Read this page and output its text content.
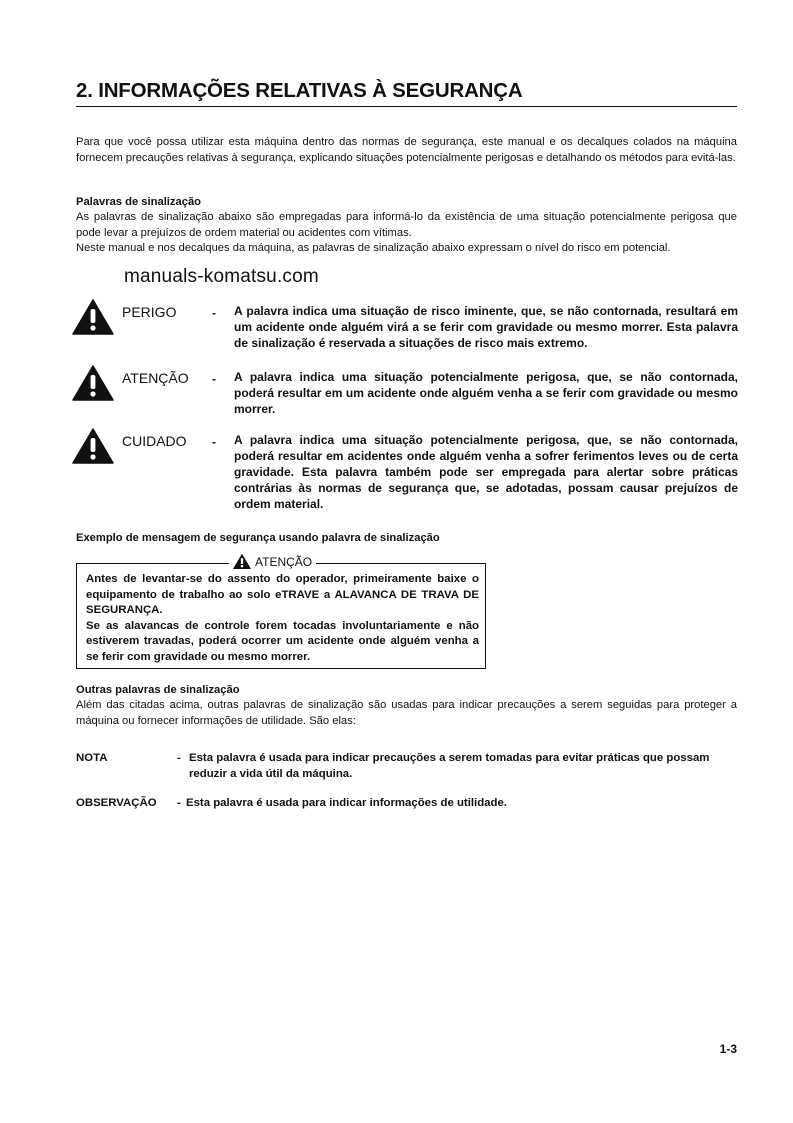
2. INFORMAÇÕES RELATIVAS À SEGURANÇA
Para que você possa utilizar esta máquina dentro das normas de segurança, este manual e os decalques colados na máquina fornecem precauções relativas à segurança, explicando situações potencialmente perigosas e detalhando os métodos para evitá-las.
Palavras de sinalização
As palavras de sinalização abaixo são empregadas para informá-lo da existência de uma situação potencialmente perigosa que pode levar a prejuízos de ordem material ou acidentes com vítimas.
Neste manual e nos decalques da máquina, as palavras de sinalização abaixo expressam o nível do risco em potencial.
manuals-komatsu.com
PERIGO	- A palavra indica uma situação de risco iminente, que, se não contornada, resultará em um acidente onde alguém virá a se ferir com gravidade ou mesmo morrer. Esta palavra de sinalização é reservada a situações de risco mais extremo.
ATENÇÃO - A palavra indica uma situação potencialmente perigosa, que, se não contornada, poderá resultar em um acidente onde alguém venha a se ferir com gravidade ou mesmo morrer.
CUIDADO - A palavra indica uma situação potencialmente perigosa, que, se não contornada, poderá resultar em acidentes onde alguém venha a sofrer ferimentos leves ou de certa gravidade. Esta palavra também pode ser empregada para alertar sobre práticas contrárias às normas de segurança que, se adotadas, possam causar prejuízos de ordem material.
Exemplo de mensagem de segurança usando palavra de sinalização
ATENÇÃO
Antes de levantar-se do assento do operador, primeiramente baixe o equipamento de trabalho ao solo eTRAVE a ALAVANCA DE TRAVA DE SEGURANÇA.
Se as alavancas de controle forem tocadas involuntariamente e não estiverem travadas, poderá ocorrer um acidente onde alguém venha a se ferir com gravidade ou mesmo morrer.
Outras palavras de sinalização
Além das citadas acima, outras palavras de sinalização são usadas para indicar precauções a serem seguidas para proteger a máquina ou fornecer informações de utilidade. São elas:
NOTA	- Esta palavra é usada para indicar precauções a serem tomadas para evitar práticas que possam reduzir a vida útil da máquina.
OBSERVAÇÃO - Esta palavra é usada para indicar informações de utilidade.
1-3
